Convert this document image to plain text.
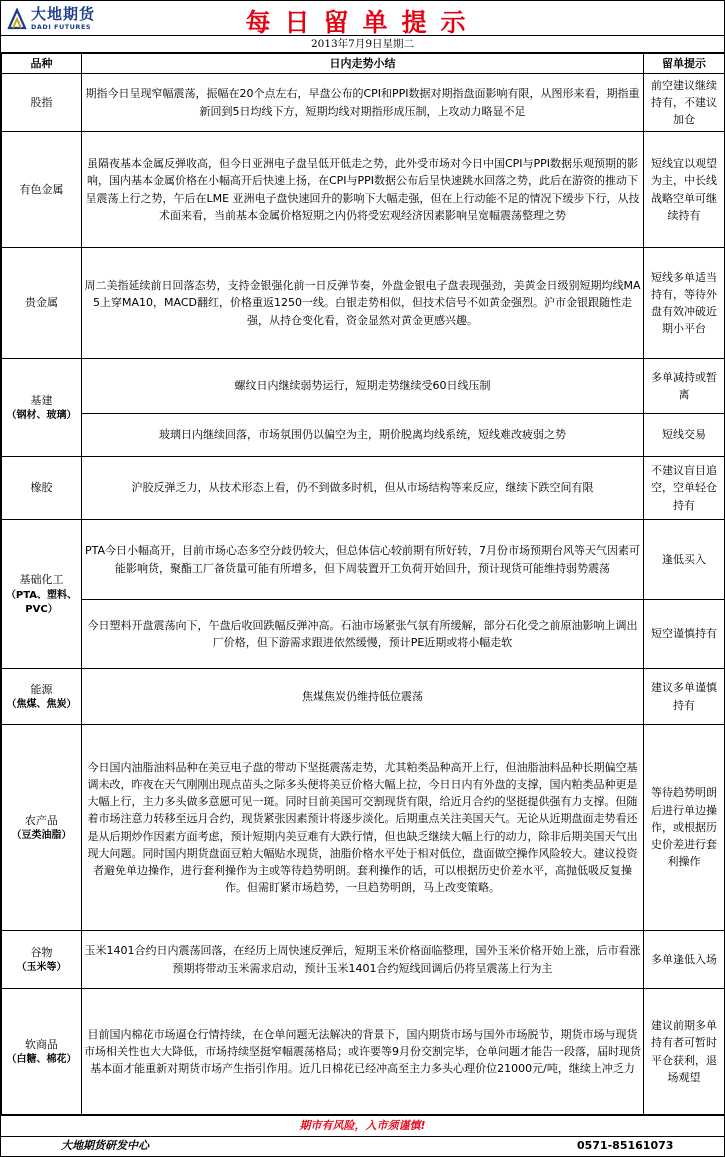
大地期货
DADI FUTURES	每日留单提示
2013年7月9日星期二
品种	日内走势小结	留单提示
股指	期指今日呈现窄幅震荡，振幅在20个点左右，早盘公布的CPI和PPI数据对期指盘面影响有限，从图形来看，期指重新回到5日均线下方，短期均线对期指形成压制，上攻动力略显不足	前空建议继续持有，不建议加仓
有色金属	虽隔夜基本金属反弹收高，但今日亚洲电子盘呈低开低走之势，此外受市场对今日中国CPI与PPI数据乐观预期的影响，国内基本金属价格在小幅高开后快速上扬，在CPI与PPI数据公布后呈快速跳水回落之势，此后在游资的推动下呈震荡上行之势，午后在LME 亚洲电子盘快速回升的影响下大幅走强，但在上行动能不足的情况下缓步下行，从技术面来看，当前基本金属价格短期之内仍将受宏观经济因素影响呈宽幅震荡整理之势	短线宜以观望为主，中长线战略空单可继续持有
贵金属	周二美指延续前日回落态势，支持金银强化前一日反弹节奏，外盘金银电子盘表现强劲，美黄金日级别短期均线MA5上穿MA10，MACD翻红，价格重返1250一线。白银走势相似，但技术信号不如黄金强烈。沪市金银跟随性走强，从持仓变化看，资金显然对黄金更感兴趣。	短线多单适当持有，等待外盘有效冲破近期小平台
基建
（钢材、玻璃）	螺纹日内继续弱势运行，短期走势继续受60日线压制	多单减持或暂离
	玻璃日内继续回落，市场氛围仍以偏空为主，期价脱离均线系统，短线难改疲弱之势	短线交易
橡胶	沪胶反弹乏力，从技术形态上看，仍不到做多时机，但从市场结构等来反应，继续下跌空间有限	不建议盲目追空，空单轻仓持有
基础化工
（PTA、塑料、PVC）	PTA今日小幅高开，目前市场心态多空分歧仍较大，但总体信心较前期有所好转，7月份市场预期台风等天气因素可能影响货，聚酯工厂备货量可能有所增多，但下周装置开工负荷开始回升，预计现货可能维持弱势震荡	逢低买入
	今日塑料开盘震荡向下，午盘后收回跌幅反弹冲高。石油市场紧张气氛有所缓解，部分石化受之前原油影响上调出厂价格，但下游需求跟进依然缓慢，预计PE近期或将小幅走软	短空谨慎持有
能源
（焦煤、焦炭）	焦煤焦炭仍维持低位震荡	建议多单谨慎持有
农产品
（豆类油脂）	今日国内油脂油料品种在美豆电子盘的带动下坚挺震荡走势，尤其粕类品种高开上行，但油脂油料品种长期偏空基调未改，昨夜在天气刚刚出现点苗头之际多头便将美豆价格大幅上拉，今日日内有外盘的支撑，国内粕类品种更是大幅上行，主力多头做多意愿可见一斑。同时目前美国可交割现货有限，给近月合约的坚挺提供强有力支撑。但随着市场注意力转移至远月合约，现货紧张因素预计将逐步淡化。后期重点关注美国天气。无论从近期盘面走势看还是从后期炒作因素方面考虑，预计短期内美豆难有大跌行情，但也缺乏继续大幅上行的动力，除非后期美国天气出现大问题。同时国内期货盘面豆粕大幅贴水现货，油脂价格水平处于相对低位，盘面做空操作风险较大。建议投资者避免单边操作，进行套利操作为主或等待趋势明朗。套利操作的话，可以根据历史价差水平，高抛低吸反复操作。但需盯紧市场趋势，一旦趋势明朗，马上改变策略。	等待趋势明朗后进行单边操作，或根据历史价差进行套利操作
谷物
（玉米等）	玉米1401合约日内震荡回落，在经历上周快速反弹后，短期玉米价格面临整理，国外玉米价格开始上涨，后市看涨预期将带动玉米需求启动，预计玉米1401合约短线回调后仍将呈震荡上行为主	多单逢低入场
软商品
（白糖、棉花）	目前国内棉花市场逼仓行情持续，在仓单问题无法解决的背景下，国内期货市场与国外市场脱节，期货市场与现货市场相关性也大大降低，市场持续坚挺窄幅震荡格局；或许要等9月份交割完毕，仓单问题才能告一段落，届时现货基本面才能重新对期货市场产生指引作用。近几日棉花已经冲高至主力多头心理价位21000元/吨，继续上冲乏力	建议前期多单持有者可暂时平仓获利，退场观望
期市有风险，入市须谨慎!
大地期货研发中心	0571-85161073
